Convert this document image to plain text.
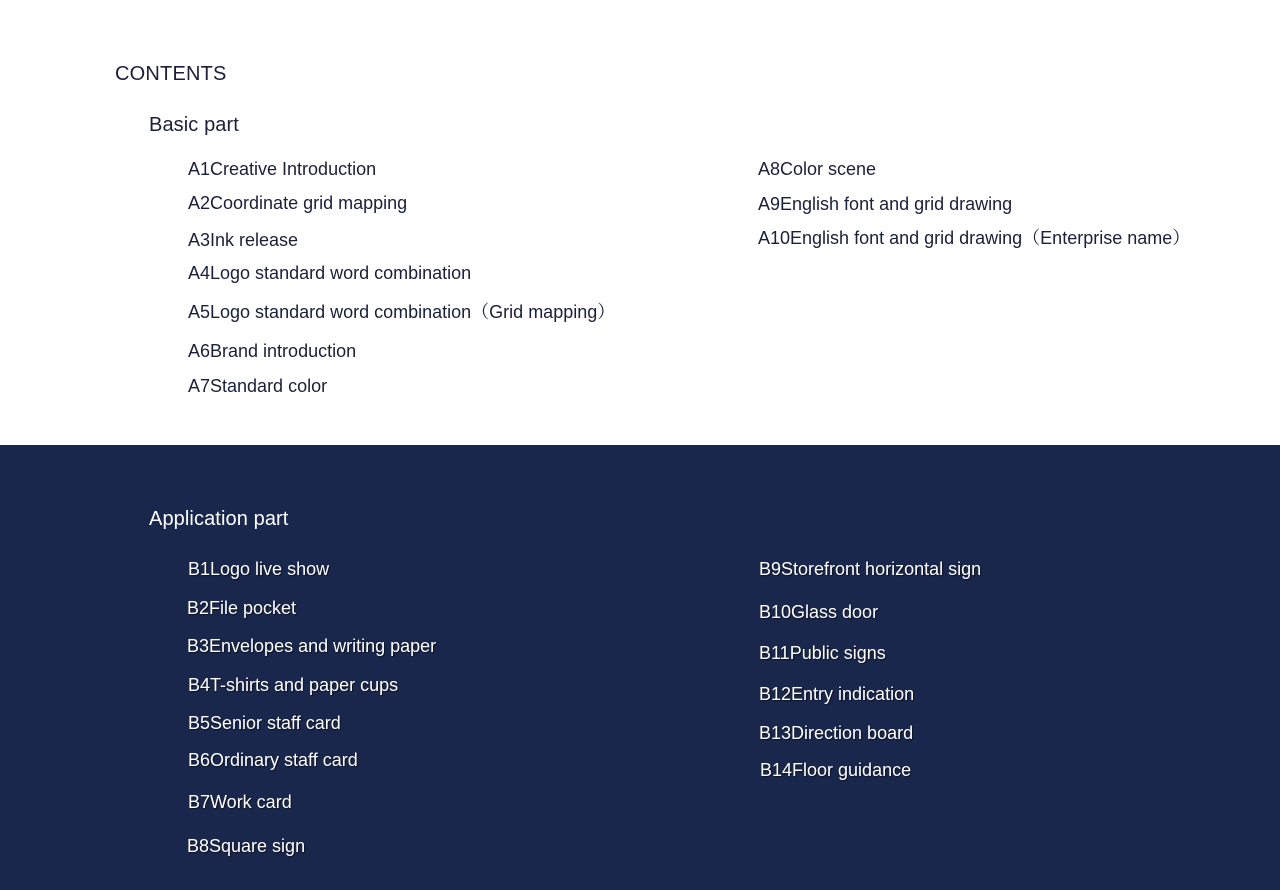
CONTENTS
Basic part
A1Creative Introduction
A2Coordinate grid mapping
A3Ink release
A4Logo standard word combination
A5Logo standard word combination（Grid mapping）
A6Brand introduction
A7Standard color
A8Color scene
A9English font and grid drawing
A10English font and grid drawing（Enterprise name）
Application part
B1Logo live show
B2File pocket
B3Envelopes and writing paper
B4T-shirts and paper cups
B5Senior staff card
B6Ordinary staff card
B7Work card
B8Square sign
B9Storefront horizontal sign
B10Glass door
B11Public signs
B12Entry indication
B13Direction board
B14Floor guidance
